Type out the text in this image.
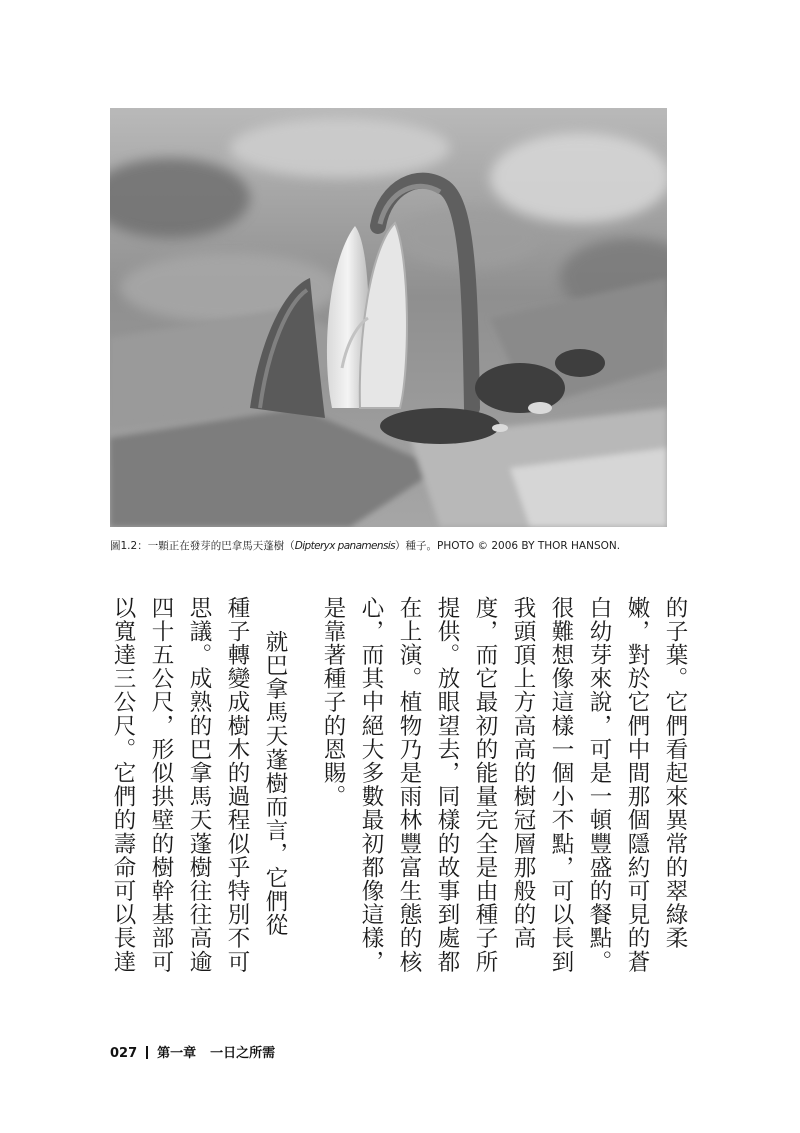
圖1.2：一顆正在發芽的巴拿馬天蓬樹（Dipteryx panamensis）種子。PHOTO © 2006 BY THOR HANSON.
的子葉。它們看起來異常的翠綠柔
嫩，對於它們中間那個隱約可見的蒼
白幼芽來說，可是一頓豐盛的餐點。
很難想像這樣一個小不點，可以長到
我頭頂上方高高的樹冠層那般的高
度，而它最初的能量完全是由種子所
提供。放眼望去，同樣的故事到處都
在上演。植物乃是雨林豐富生態的核
心，而其中絕大多數最初都像這樣，
是靠著種子的恩賜。
就巴拿馬天蓬樹而言，它們從
種子轉變成樹木的過程似乎特別不可
思議。成熟的巴拿馬天蓬樹往往高逾
四十五公尺，形似拱壁的樹幹基部可
以寬達三公尺。它們的壽命可以長達
027 第一章 一日之所需
